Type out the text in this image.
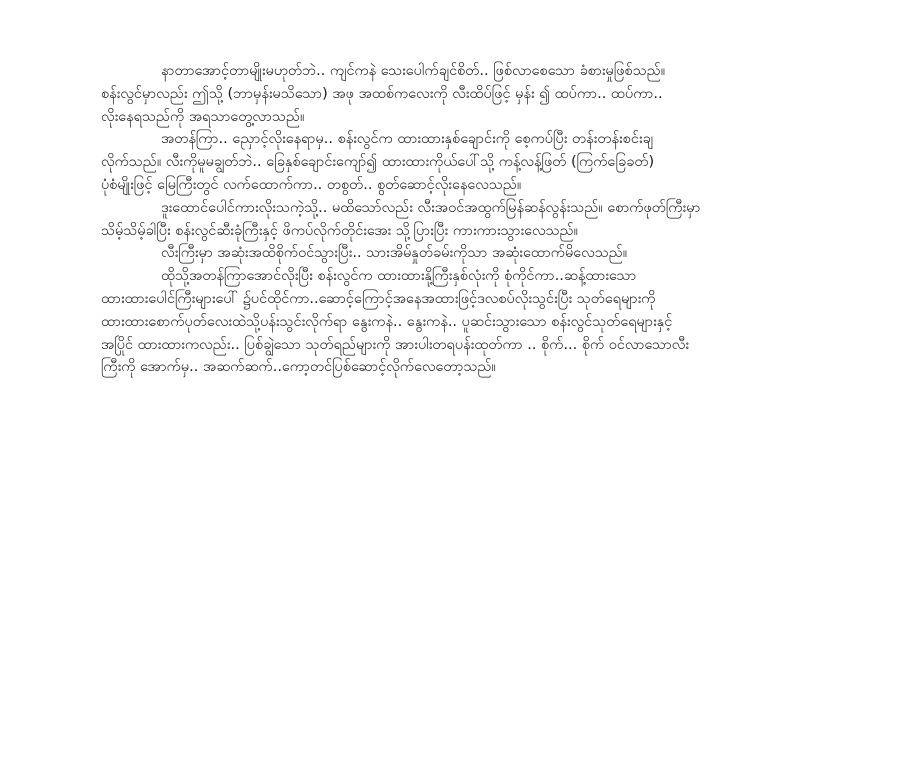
နာတာအောင့်တာမျိုးမဟုတ်ဘဲ.. ကျင်ကနဲ သေးပေါက်ချင်စိတ်.. ဖြစ်လာစေသော ခံစားမှုဖြစ်သည်။
စန်းလွင်မှာလည်း ဤသို့ (ဘာမှန်းမသိသော) အဖု အထစ်ကလေးကို လီးထိပ်ဖြင့် မှန်း ၍ ထပ်ကာ.. ထပ်ကာ..
လိုးနေရသည်ကို အရသာတွေ့လာသည်။
အတန်ကြာ.. ညှောင့်လိုးနေရာမှ.. စန်းလွင်က ထားထားနှစ်ချောင်းကို စေ့ကပ်ပြီး တန်းတန်းစင်းချ
လိုက်သည်။ လီးကိုမူမချွတ်ဘဲ.. ခြေနှစ်ချောင်းကျော်၍ ထားထားကိုယ်ပေါ်သို့ ကန့်လန့်ဖြတ် (ကြက်ခြေခတ်)
ပုံစံမျိုးဖြင့် မြေကြီးတွင် လက်ထောက်ကာ.. တစွတ်.. စွတ်ဆောင့်လိုးနေလေသည်။
ဒူးထောင်ပေါင်ကားလိုးသကဲ့သို့.. မထိသော်လည်း လီးအဝင်အထွက်မြန်ဆန်လွန်းသည်။ စောက်ဖုတ်ကြီးမှာ
သိမ့်သိမ့်ခါပြီး စန်းလွင်ဆီးခုံကြီးနှင့် ဖိကပ်လိုက်တိုင်းအေး သို့ပြားပြီး ကားကားသွားလေသည်။
လီးကြီးမှာ အဆုံးအထိစိုက်ဝင်သွားပြီး.. သားအိမ်နှုတ်ခမ်းကိုသာ အဆုံးထောက်မိလေသည်။
ထိုသို့အတန်ကြာအောင်လိုးပြီး စန်းလွင်က ထားထားနို့ကြီးနှစ်လုံးကို စုံကိုင်ကာ..ဆန့်ထားသော
ထားထားပေါင်ကြီးများပေါ် ၌ပင်ထိုင်ကာ..ဆောင့်ကြောင့်အနေအထားဖြင့်ဒလစပ်လိုးသွင်းပြီး သုတ်ရေများကို
ထားထားစောက်ပုတ်လေးထဲသို့ပန်းသွင်းလိုက်ရာ နွေးကနဲ.. နွေးကနဲ.. ပူဆင်းသွားသော စန်းလွင်သုတ်ရေများနှင့်
အပြိုင် ထားထားကလည်း.. ပြစ်ချွဲသော သုတ်ရည်များကို အားပါးတရပန်းထုတ်ကာ .. စိုက်... စိုက် ဝင်လာသောလီး
ကြီးကို အောက်မှ.. အဆက်ဆက်..ကော့တင်ပြစ်ဆောင့်လိုက်လေတော့သည်။
